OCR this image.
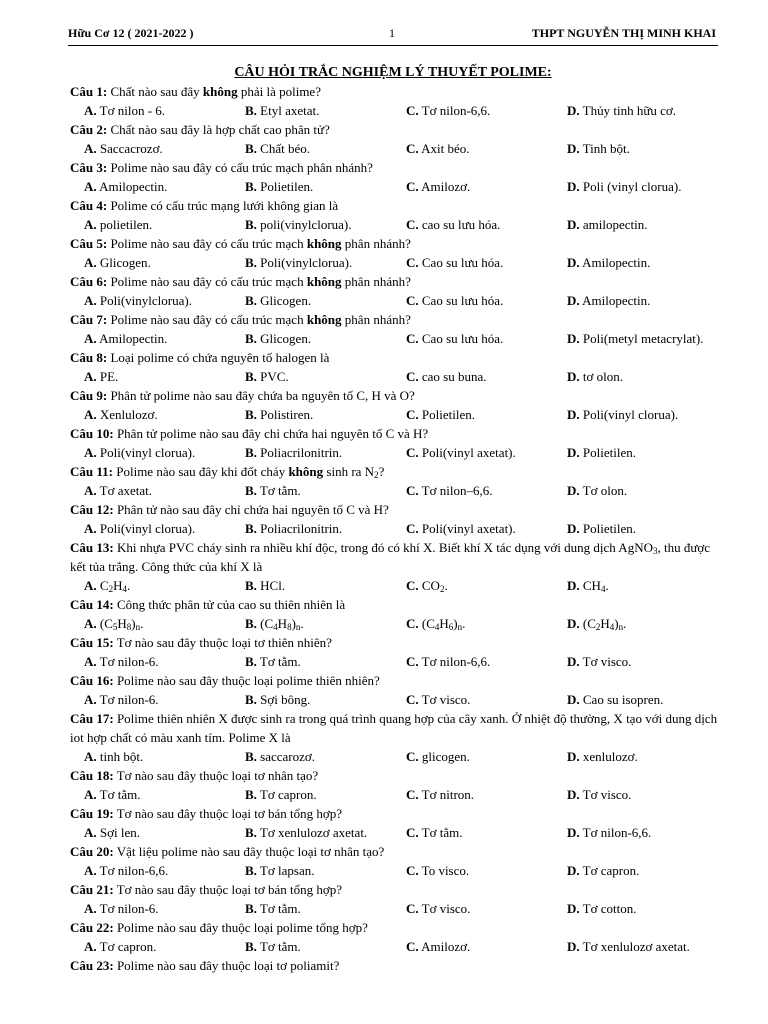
Hữu Cơ 12 ( 2021-2022 )	1	THPT NGUYỄN THỊ MINH KHAI
CÂU HỎI TRẮC NGHIỆM LÝ THUYẾT POLIME:
Câu 1: Chất nào sau đây không phải là polime?
A. Tơ nilon - 6.	B. Etyl axetat.	C. Tơ nilon-6,6.	D. Thủy tinh hữu cơ.
Câu 2: Chất nào sau đây là hợp chất cao phân tử?
A. Saccacrozơ.	B. Chất béo.	C. Axit béo.	D. Tinh bột.
Câu 3: Polime nào sau đây có cấu trúc mạch phân nhánh?
A. Amilopectin.	B. Polietilen.	C. Amilozơ.	D. Poli (vinyl clorua).
Câu 4: Polime có cấu trúc mạng lưới không gian là
A. polietilen.	B. poli(vinylclorua).	C. cao su lưu hóa.	D. amilopectin.
Câu 5: Polime nào sau đây có cấu trúc mạch không phân nhánh?
A. Glicogen.	B. Poli(vinylclorua).	C. Cao su lưu hóa.	D. Amilopectin.
Câu 6: Polime nào sau đây có cấu trúc mạch không phân nhánh?
A. Poli(vinylclorua).	B. Glicogen.	C. Cao su lưu hóa.	D. Amilopectin.
Câu 7: Polime nào sau đây có cấu trúc mạch không phân nhánh?
A. Amilopectin.	B. Glicogen.	C. Cao su lưu hóa.	D. Poli(metyl metacrylat).
Câu 8: Loại polime có chứa nguyên tố halogen là
A. PE.	B. PVC.	C. cao su buna.	D. tơ olon.
Câu 9: Phân tử polime nào sau đây chứa ba nguyên tố C, H và O?
A. Xenlulozơ.	B. Polistiren.	C. Polietilen.	D. Poli(vinyl clorua).
Câu 10: Phân tử polime nào sau đây chỉ chứa hai nguyên tố C và H?
A. Poli(vinyl clorua).	B. Poliacrilonitrin.	C. Poli(vinyl axetat).	D. Polietilen.
Câu 11: Polime nào sau đây khi đốt cháy không sinh ra $N_2$?
A. Tơ axetat.	B. Tơ tằm.	C. Tơ nilon–6,6.	D. Tơ olon.
Câu 12: Phân tử nào sau đây chỉ chứa hai nguyên tố C và H?
A. Poli(vinyl clorua).	B. Poliacrilonitrin.	C. Poli(vinyl axetat).	D. Polietilen.
Câu 13: Khi nhựa PVC cháy sinh ra nhiều khí độc, trong đó có khí X. Biết khí X tác dụng với dung dịch AgNO$_3$, thu được kết tủa trắng. Công thức của khí X là
A. $C_2H_4$.	B. HCl.	C. $CO_2$.	D. $CH_4$.
Câu 14: Công thức phân tử của cao su thiên nhiên là
A. $(C_5H_8)_n$.	B. $(C_4H_8)_n$.	C. $(C_4H_6)_n$.	D. $(C_2H_4)_n$.
Câu 15: Tơ nào sau đây thuộc loại tơ thiên nhiên?
A. Tơ nilon-6.	B. Tơ tằm.	C. Tơ nilon-6,6.	D. Tơ visco.
Câu 16: Polime nào sau đây thuộc loại polime thiên nhiên?
A. Tơ nilon-6.	B. Sợi bông.	C. Tơ visco.	D. Cao su isopren.
Câu 17: Polime thiên nhiên X được sinh ra trong quá trình quang hợp của cây xanh. Ở nhiệt độ thường, X tạo với dung dịch iot hợp chất có màu xanh tím. Polime X là
A. tinh bột.	B. saccarozơ.	C. glicogen.	D. xenlulozơ.
Câu 18: Tơ nào sau đây thuộc loại tơ nhân tạo?
A. Tơ tằm.	B. Tơ capron.	C. Tơ nitron.	D. Tơ visco.
Câu 19: Tơ nào sau đây thuộc loại tơ bán tổng hợp?
A. Sợi len.	B. Tơ xenlulozơ axetat.	C. Tơ tằm.	D. Tơ nilon-6,6.
Câu 20: Vật liệu polime nào sau đây thuộc loại tơ nhân tạo?
A. Tơ nilon-6,6.	B. Tơ lapsan.	C. To visco.	D. Tơ capron.
Câu 21: Tơ nào sau đây thuộc loại tơ bán tổng hợp?
A. Tơ nilon-6.	B. Tơ tằm.	C. Tơ visco.	D. Tơ cotton.
Câu 22: Polime nào sau đây thuộc loại polime tổng hợp?
A. Tơ capron.	B. Tơ tằm.	C. Amilozơ.	D. Tơ xenlulozơ axetat.
Câu 23: Polime nào sau đây thuộc loại tơ poliamit?
